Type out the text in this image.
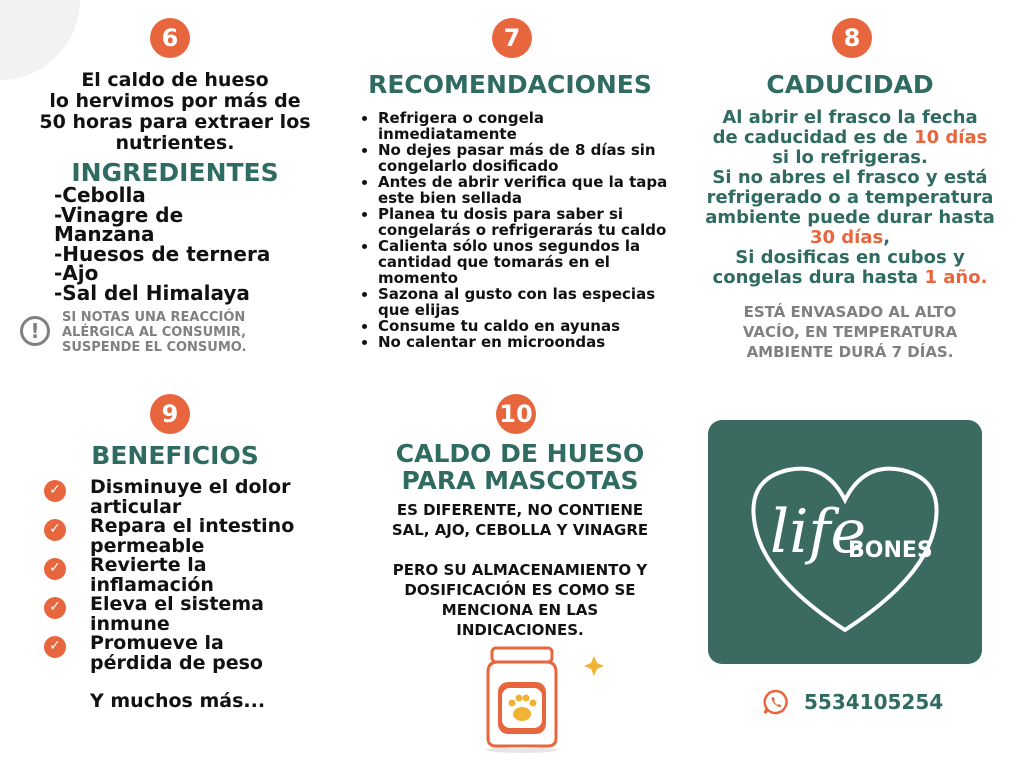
6
El caldo de hueso
lo hervimos por más de
50 horas para extraer los
nutrientes.
INGREDIENTES
-Cebolla
-Vinagre de
Manzana
-Huesos de ternera
-Ajo
-Sal del Himalaya
!
SI NOTAS UNA REACCIÓN
ALÉRGICA AL CONSUMIR,
SUSPENDE EL CONSUMO.
7
RECOMENDACIONES
Refrigera o congela
inmediatamente
No dejes pasar más de 8 días sin
congelarlo dosificado
Antes de abrir verifica que la tapa
este bien sellada
Planea tu dosis para saber si
congelarás o refrigerarás tu caldo
Calienta sólo unos segundos la
cantidad que tomarás en el
momento
Sazona al gusto con las especias
que elijas
Consume tu caldo en ayunas
No calentar en microondas
8
CADUCIDAD
Al abrir el frasco la fecha
de caducidad es de 10 días
si lo refrigeras.
Si no abres el frasco y está
refrigerado o a temperatura
ambiente puede durar hasta
30 días,
Si dosificas en cubos y
congelas dura hasta 1 año.
ESTÁ ENVASADO AL ALTO
VACÍO, EN TEMPERATURA
AMBIENTE DURÁ 7 DÍAS.
9
BENEFICIOS
✓ Disminuye el dolor
articular
✓ Repara el intestino
permeable
✓ Revierte la
inflamación
✓ Eleva el sistema
inmune
✓ Promueve la
pérdida de peso
Y muchos más...
10
CALDO DE HUESO
PARA MASCOTAS
ES DIFERENTE, NO CONTIENE
SAL, AJO, CEBOLLA Y VINAGRE
PERO SU ALMACENAMIENTO Y
DOSIFICACIÓN ES COMO SE
MENCIONA EN LAS
INDICACIONES.
life
BONES
5534105254
